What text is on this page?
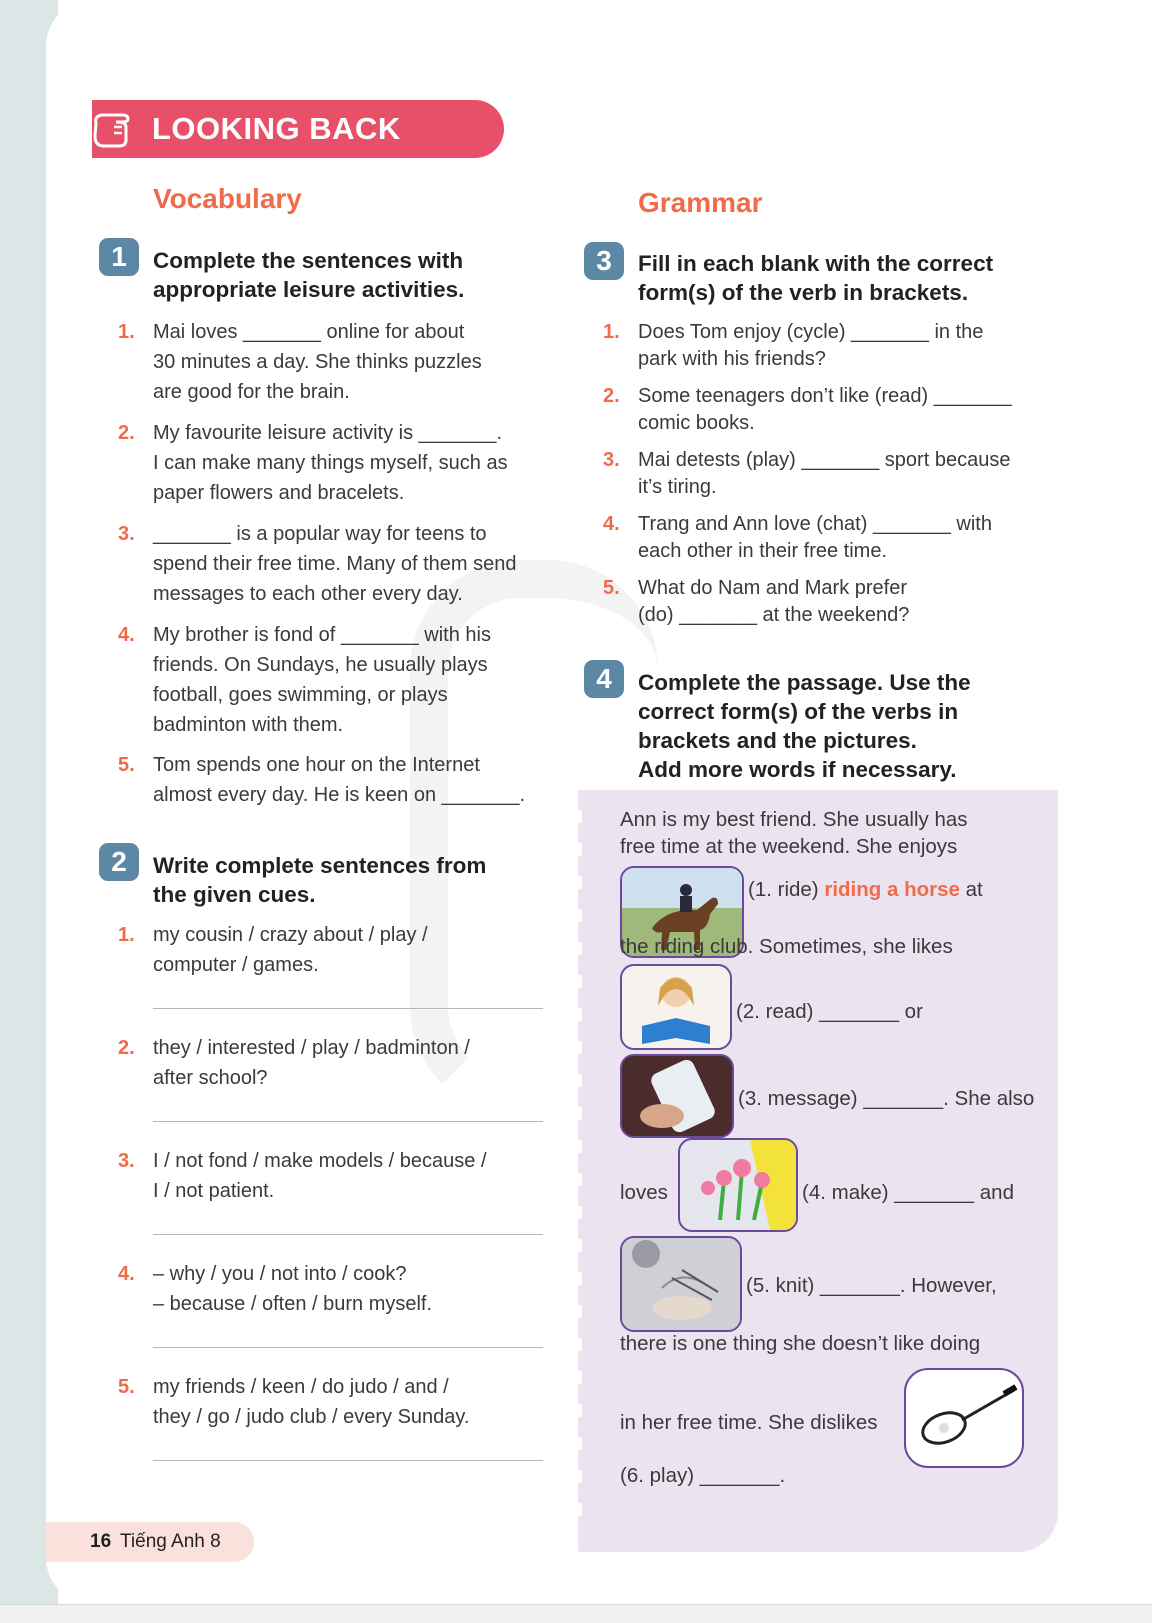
LOOKING BACK
Vocabulary
1	Complete the sentences with
appropriate leisure activities.
1. Mai loves _______ online for about
30 minutes a day. She thinks puzzles
are good for the brain.
2. My favourite leisure activity is _______.
I can make many things myself, such as
paper flowers and bracelets.
3. _______ is a popular way for teens to
spend their free time. Many of them send
messages to each other every day.
4. My brother is fond of _______ with his
friends. On Sundays, he usually plays
football, goes swimming, or plays
badminton with them.
5. Tom spends one hour on the Internet
almost every day. He is keen on _______.
2	Write complete sentences from
the given cues.
1. my cousin / crazy about / play /
computer / games.
2. they / interested / play / badminton /
after school?
3. I / not fond / make models / because /
I / not patient.
4. – why / you / not into / cook?
– because / often / burn myself.
5. my friends / keen / do judo / and /
they / go / judo club / every Sunday.
Grammar
3	Fill in each blank with the correct
form(s) of the verb in brackets.
1. Does Tom enjoy (cycle) _______ in the
park with his friends?
2. Some teenagers don’t like (read) _______
comic books.
3. Mai detests (play) _______ sport because
it’s tiring.
4. Trang and Ann love (chat) _______ with
each other in their free time.
5. What do Nam and Mark prefer
(do) _______ at the weekend?
4	Complete the passage. Use the
correct form(s) of the verbs in
brackets and the pictures.
Add more words if necessary.
Ann is my best friend. She usually has
free time at the weekend. She enjoys
(1. ride) riding a horse at
the riding club. Sometimes, she likes
(2. read) _______ or
(3. message) _______. She also
loves	(4. make) _______ and
(5. knit) _______. However,
there is one thing she doesn’t like doing
in her free time. She dislikes
(6. play) _______.
16 Tiếng Anh 8
